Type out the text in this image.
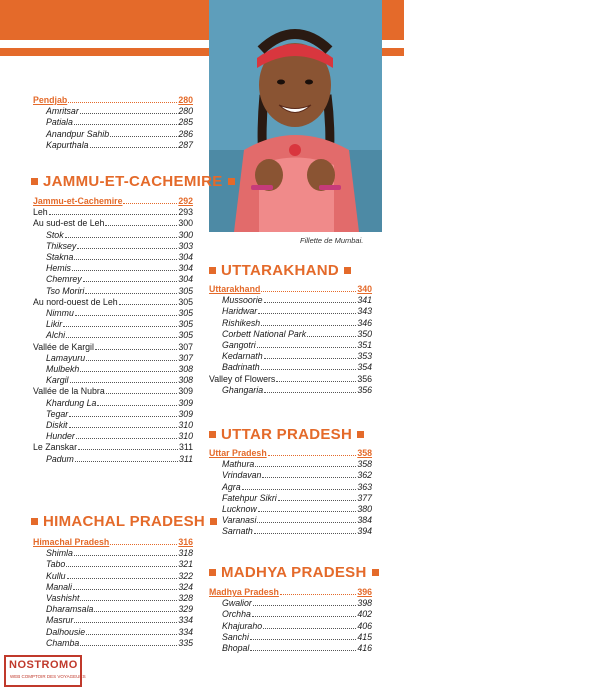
© DETERRE PHOTOGRAPHIE - ISTOCKPHOTO.COM
Fillette de Mumbai.
NOSTROMO
WEB COMPTOIR DES VOYAGEURS
Pendjab	280
Amritsar	280
Patiala	285
Anandpur Sahib	286
Kapurthala	287
JAMMU-ET-CACHEMIRE
Jammu-et-Cachemire	292
Leh	293
Au sud-est de Leh	300
Stok	300
Thiksey	303
Stakna	304
Hemis	304
Chemrey	304
Tso Moriri	305
Au nord-ouest de Leh	305
Nimmu	305
Likir	305
Alchi	305
Vallée de Kargil	307
Lamayuru	307
Mulbekh	308
Kargil	308
Vallée de la Nubra	309
Khardung La	309
Tegar	309
Diskit	310
Hunder	310
Le Zanskar	311
Padum	311
HIMACHAL PRADESH
Himachal Pradesh	316
Shimla	318
Tabo	321
Kullu	322
Manali	324
Vashisht	328
Dharamsala	329
Masrur	334
Dalhousie	334
Chamba	335
UTTARAKHAND
Uttarakhand	340
Mussoorie	341
Haridwar	343
Rishikesh	346
Corbett National Park	350
Gangotri	351
Kedarnath	353
Badrinath	354
Valley of Flowers	356
Ghangaria	356
UTTAR PRADESH
Uttar Pradesh	358
Mathura	358
Vrindavan	362
Agra	363
Fatehpur Sikri	377
Lucknow	380
Varanasi	384
Sarnath	394
MADHYA PRADESH
Madhya Pradesh	396
Gwalior	398
Orchha	402
Khajuraho	406
Sanchi	415
Bhopal	416
